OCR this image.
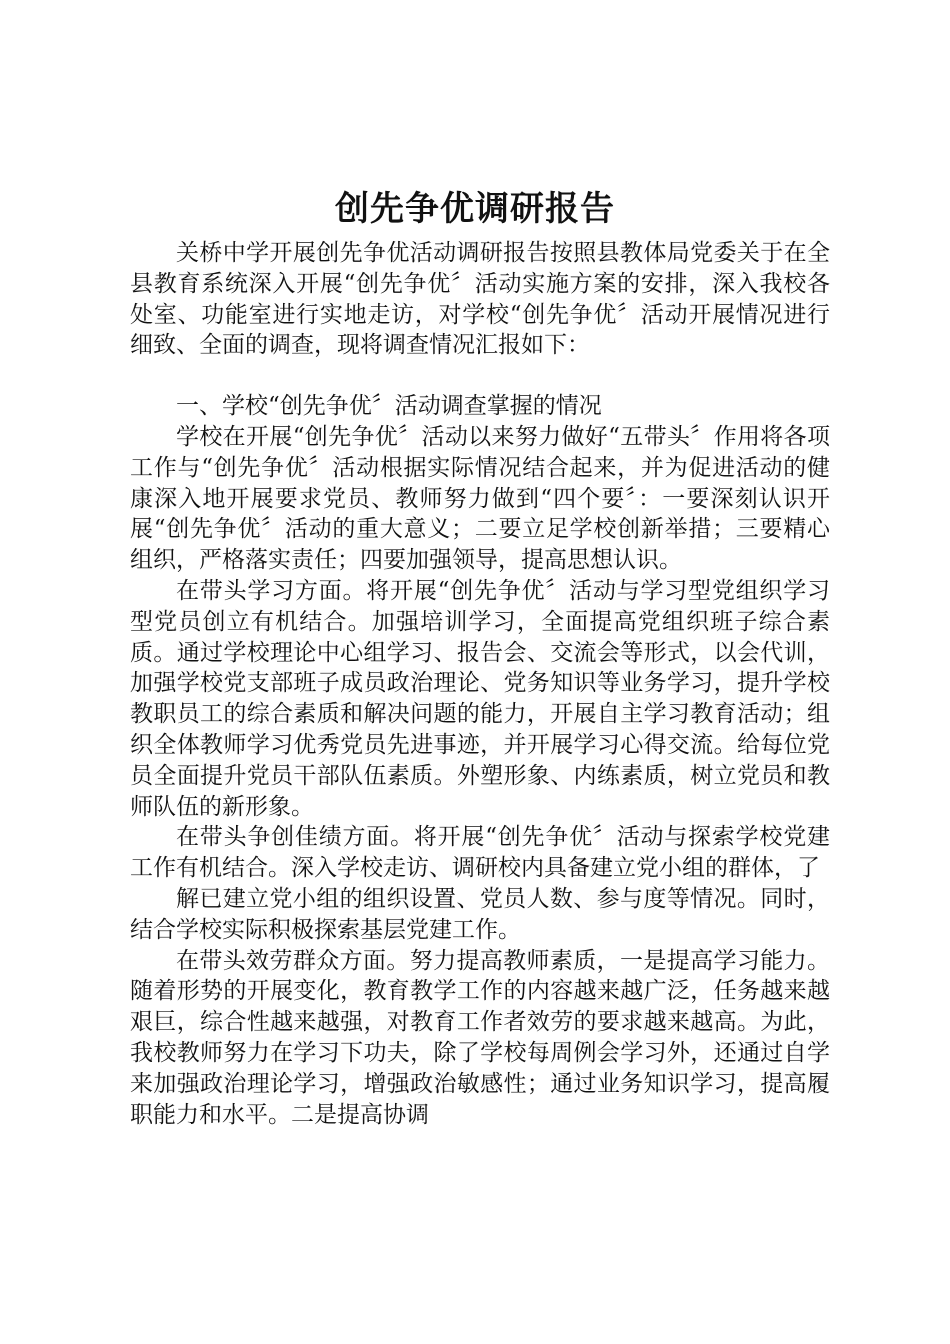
创先争优调研报告

关桥中学开展创先争优活动调研报告按照县教体局党委关于在全县教育系统深入开展“创先争优〞活动实施方案的安排，深入我校各处室、功能室进行实地走访，对学校“创先争优〞活动开展情况进行细致、全面的调查，现将调查情况汇报如下：

一、学校“创先争优〞活动调查掌握的情况

学校在开展“创先争优〞活动以来努力做好“五带头〞作用将各项工作与“创先争优〞活动根据实际情况结合起来，并为促进活动的健康深入地开展要求党员、教师努力做到“四个要〞：一要深刻认识开展“创先争优〞活动的重大意义；二要立足学校创新举措；三要精心组织，严格落实责任；四要加强领导，提高思想认识。

在带头学习方面。将开展“创先争优〞活动与学习型党组织学习型党员创立有机结合。加强培训学习，全面提高党组织班子综合素质。通过学校理论中心组学习、报告会、交流会等形式，以会代训，加强学校党支部班子成员政治理论、党务知识等业务学习，提升学校教职员工的综合素质和解决问题的能力，开展自主学习教育活动；组织全体教师学习优秀党员先进事迹，并开展学习心得交流。给每位党员全面提升党员干部队伍素质。外塑形象、内练素质，树立党员和教师队伍的新形象。

在带头争创佳绩方面。将开展“创先争优〞活动与探索学校党建工作有机结合。深入学校走访、调研校内具备建立党小组的群体，了

解已建立党小组的组织设置、党员人数、参与度等情况。同时，结合学校实际积极探索基层党建工作。

在带头效劳群众方面。努力提高教师素质，一是提高学习能力。随着形势的开展变化，教育教学工作的内容越来越广泛，任务越来越艰巨，综合性越来越强，对教育工作者效劳的要求越来越高。为此，我校教师努力在学习下功夫，除了学校每周例会学习外，还通过自学来加强政治理论学习，增强政治敏感性；通过业务知识学习，提高履职能力和水平。二是提高协调
